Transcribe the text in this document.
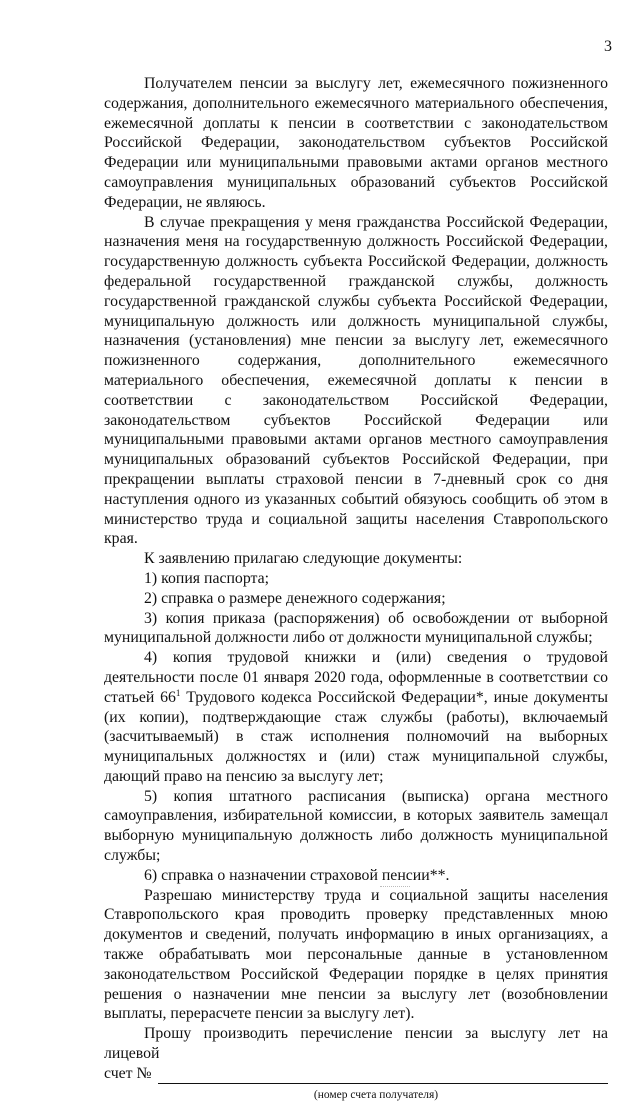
3

Получателем пенсии за выслугу лет, ежемесячного пожизненного содержания, дополнительного ежемесячного материального обеспечения, ежемесячной доплаты к пенсии в соответствии с законодательством Российской Федерации, законодательством субъектов Российской Федерации или муниципальными правовыми актами органов местного самоуправления муниципальных образований субъектов Российской Федерации, не являюсь.

В случае прекращения у меня гражданства Российской Федерации, назначения меня на государственную должность Российской Федерации, государственную должность субъекта Российской Федерации, должность федеральной государственной гражданской службы, должность государственной гражданской службы субъекта Российской Федерации, муниципальную должность или должность муниципальной службы, назначения (установления) мне пенсии за выслугу лет, ежемесячного пожизненного содержания, дополнительного ежемесячного материального обеспечения, ежемесячной доплаты к пенсии в соответствии с законодательством Российской Федерации, законодательством субъектов Российской Федерации или муниципальными правовыми актами органов местного самоуправления муниципальных образований субъектов Российской Федерации, при прекращении выплаты страховой пенсии в 7-дневный срок со дня наступления одного из указанных событий обязуюсь сообщить об этом в министерство труда и социальной защиты населения Ставропольского края.

К заявлению прилагаю следующие документы:

1) копия паспорта;

2) справка о размере денежного содержания;

3) копия приказа (распоряжения) об освобождении от выборной муниципальной должности либо от должности муниципальной службы;

4) копия трудовой книжки и (или) сведения о трудовой деятельности после 01 января 2020 года, оформленные в соответствии со статьей $66^1$ Трудового кодекса Российской Федерации*, иные документы (их копии), подтверждающие стаж службы (работы), включаемый (засчитываемый) в стаж исполнения полномочий на выборных муниципальных должностях и (или) стаж муниципальной службы, дающий право на пенсию за выслугу лет;

5) копия штатного расписания (выписка) органа местного самоуправления, избирательной комиссии, в которых заявитель замещал выборную муниципальную должность либо должность муниципальной службы;

6) справка о назначении страховой пенсии**.

Разрешаю министерству труда и социальной защиты населения Ставропольского края проводить проверку представленных мною документов и сведений, получать информацию в иных организациях, а также обрабатывать мои персональные данные в установленном законодательством Российской Федерации порядке в целях принятия решения о назначении мне пенсии за выслугу лет (возобновлении выплаты, перерасчете пенсии за выслугу лет).

Прошу производить перечисление пенсии за выслугу лет на лицевой

счет №
(номер счета получателя)
